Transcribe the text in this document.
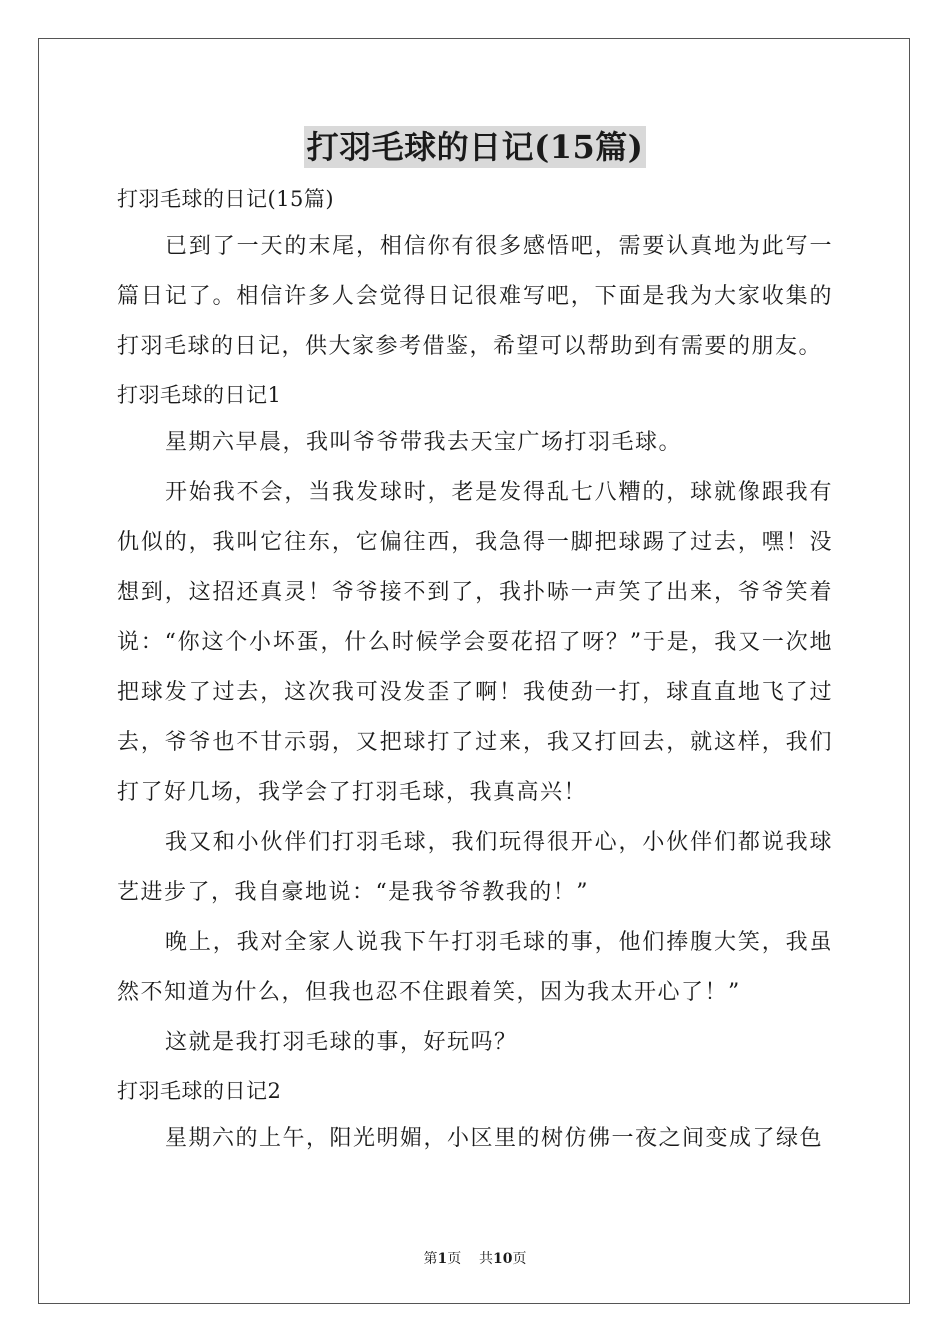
打羽毛球的日记(15篇)

打羽毛球的日记(15篇)

已到了一天的末尾，相信你有很多感悟吧，需要认真地为此写一篇日记了。相信许多人会觉得日记很难写吧，下面是我为大家收集的打羽毛球的日记，供大家参考借鉴，希望可以帮助到有需要的朋友。

打羽毛球的日记1

星期六早晨，我叫爷爷带我去天宝广场打羽毛球。

开始我不会，当我发球时，老是发得乱七八糟的，球就像跟我有仇似的，我叫它往东，它偏往西，我急得一脚把球踢了过去，嘿！没想到，这招还真灵！爷爷接不到了，我扑哧一声笑了出来，爷爷笑着说：“你这个小坏蛋，什么时候学会耍花招了呀？”于是，我又一次地把球发了过去，这次我可没发歪了啊！我使劲一打，球直直地飞了过去，爷爷也不甘示弱，又把球打了过来，我又打回去，就这样，我们打了好几场，我学会了打羽毛球，我真高兴！

我又和小伙伴们打羽毛球，我们玩得很开心，小伙伴们都说我球艺进步了，我自豪地说：“是我爷爷教我的！”

晚上，我对全家人说我下午打羽毛球的事，他们捧腹大笑，我虽然不知道为什么，但我也忍不住跟着笑，因为我太开心了！”

这就是我打羽毛球的事，好玩吗？

打羽毛球的日记2

星期六的上午，阳光明媚，小区里的树仿佛一夜之间变成了绿色

第1页 共10页
